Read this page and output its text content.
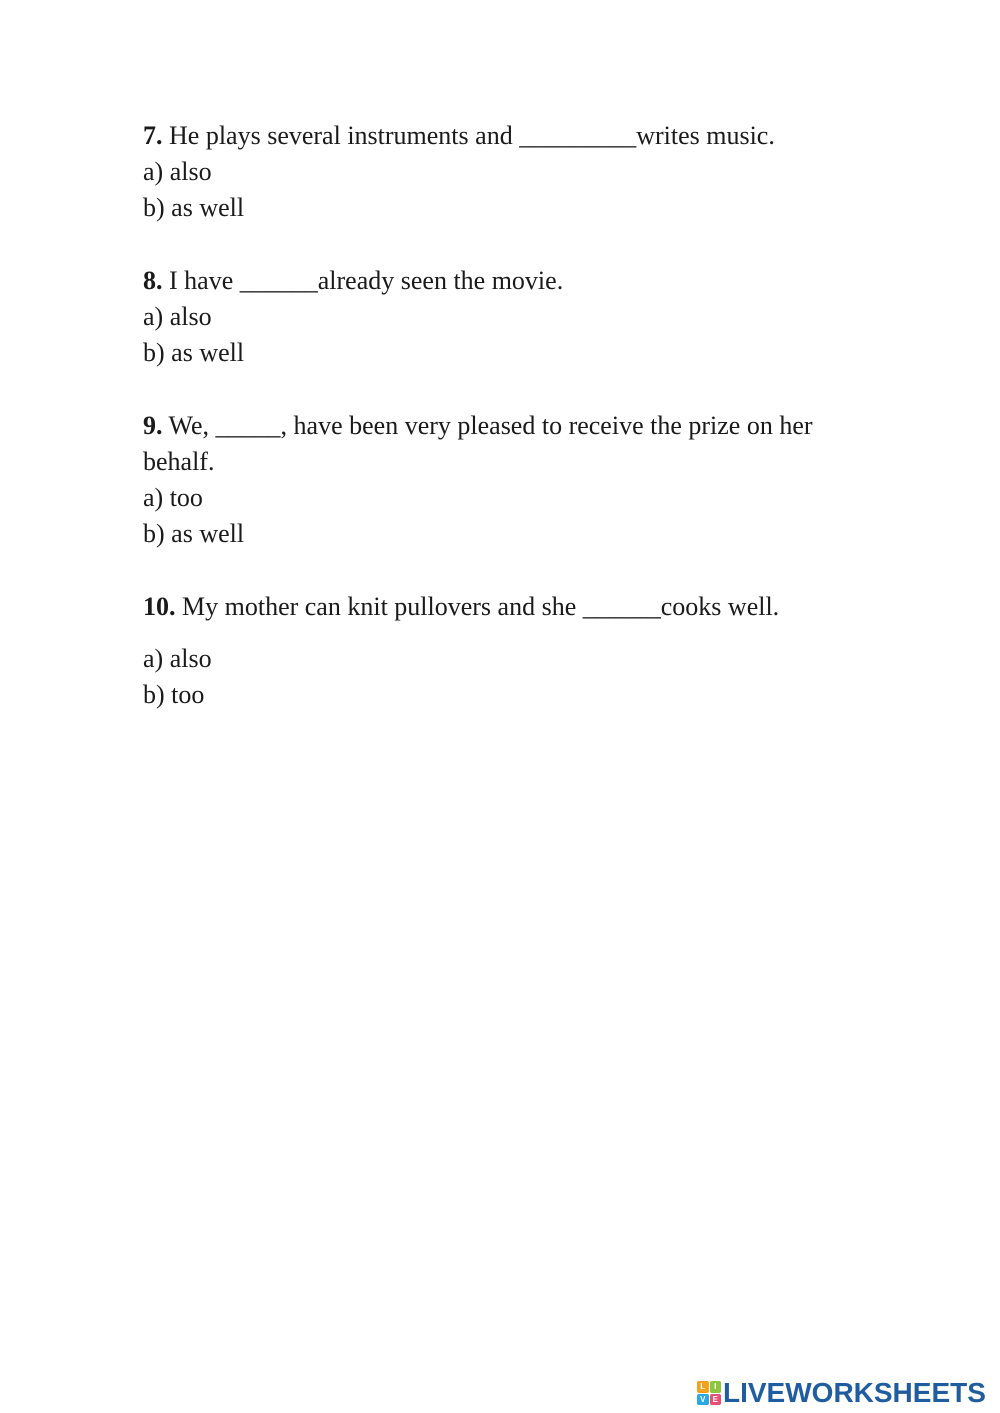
7. He plays several instruments and _________writes music.

a) also

b) as well

8. I have ______already seen the movie.

a) also

b) as well

9. We, _____, have been very pleased to receive the prize on her behalf.

a) too

b) as well

10. My mother can knit pullovers and she ______cooks well.

a) also

b) too

L	I
V E LIVEWORKSHEETS
